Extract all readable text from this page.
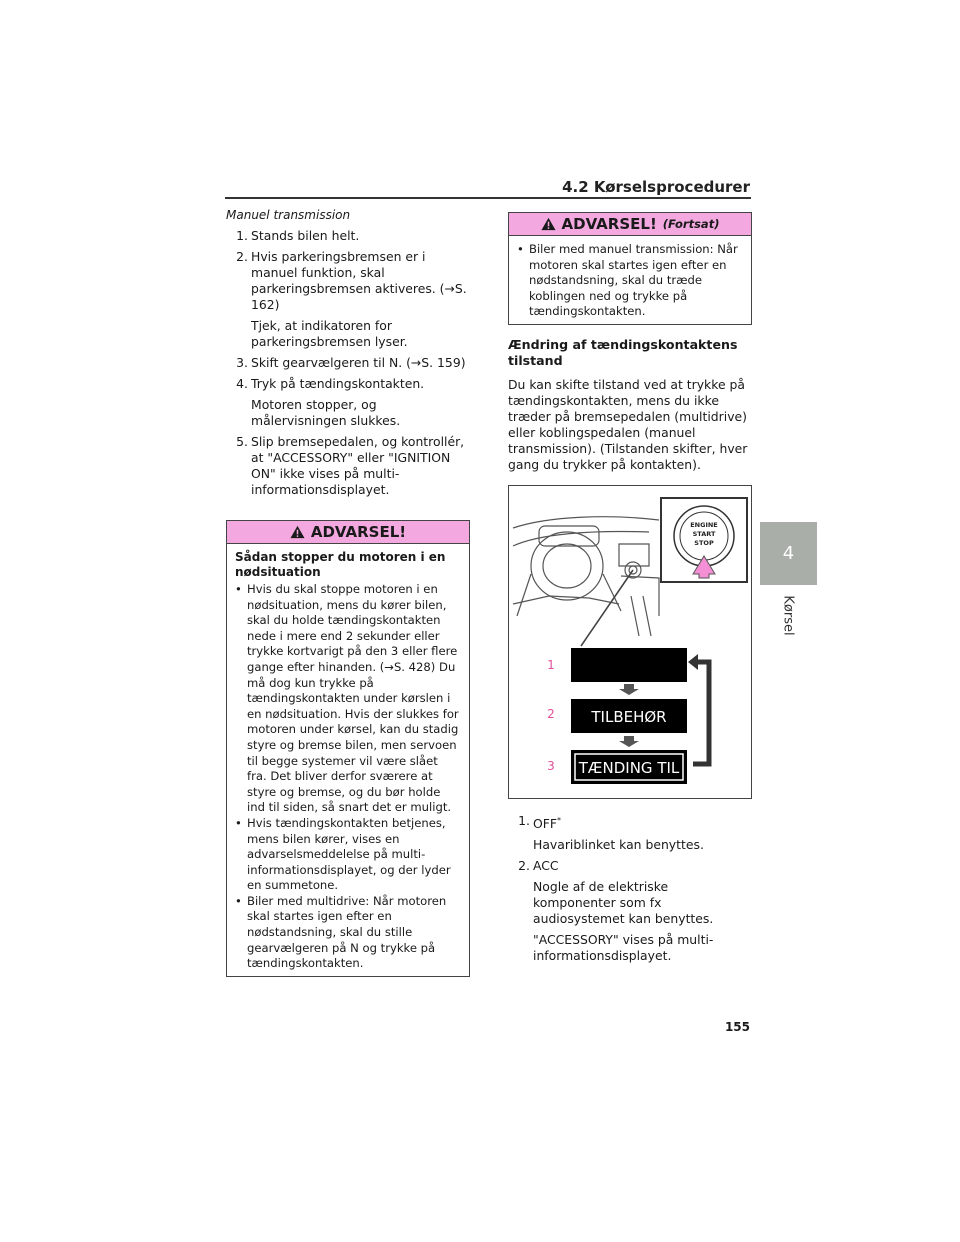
4.2 Kørselsprocedurer
4
Kørsel
Manuel transmission
1. Stands bilen helt.
2. Hvis parkeringsbremsen er i manuel funktion, skal parkeringsbremsen aktiveres. (→S. 162)
Tjek, at indikatoren for parkeringsbremsen lyser.
3. Skift gearvælgeren til N. (→S. 159)
4. Tryk på tændingskontakten.
Motoren stopper, og målervisningen slukkes.
5. Slip bremsepedalen, og kontrollér, at "ACCESSORY" eller "IGNITION ON" ikke vises på multi-informationsdisplayet.
ADVARSEL!
Sådan stopper du motoren i en nødsituation
• Hvis du skal stoppe motoren i en nødsituation, mens du kører bilen, skal du holde tændingskontakten nede i mere end 2 sekunder eller trykke kortvarigt på den 3 eller flere gange efter hinanden. (→S. 428) Du må dog kun trykke på tændingskontakten under kørslen i en nødsituation. Hvis der slukkes for motoren under kørsel, kan du stadig styre og bremse bilen, men servoen til begge systemer vil være slået fra. Det bliver derfor sværere at styre og bremse, og du bør holde ind til siden, så snart det er muligt.
• Hvis tændingskontakten betjenes, mens bilen kører, vises en advarselsmeddelelse på multi-informationsdisplayet, og der lyder en summetone.
• Biler med multidrive: Når motoren skal startes igen efter en nødstandsning, skal du stille gearvælgeren på N og trykke på tændingskontakten.
ADVARSEL! (Fortsat)
• Biler med manuel transmission: Når motoren skal startes igen efter en nødstandsning, skal du træde koblingen ned og trykke på tændingskontakten.
Ændring af tændingskontaktens tilstand
Du kan skifte tilstand ved at trykke på tændingskontakten, mens du ikke træder på bremsepedalen (multidrive) eller koblingspedalen (manuel transmission). (Tilstanden skifter, hver gang du trykker på kontakten).
ENGINE
START
STOP
1
2
3
TILBEHØR
TÆNDING TIL
1. OFF*
Havariblinket kan benyttes.
2. ACC
Nogle af de elektriske komponenter som fx audiosystemet kan benyttes.
"ACCESSORY" vises på multi-informationsdisplayet.
155
